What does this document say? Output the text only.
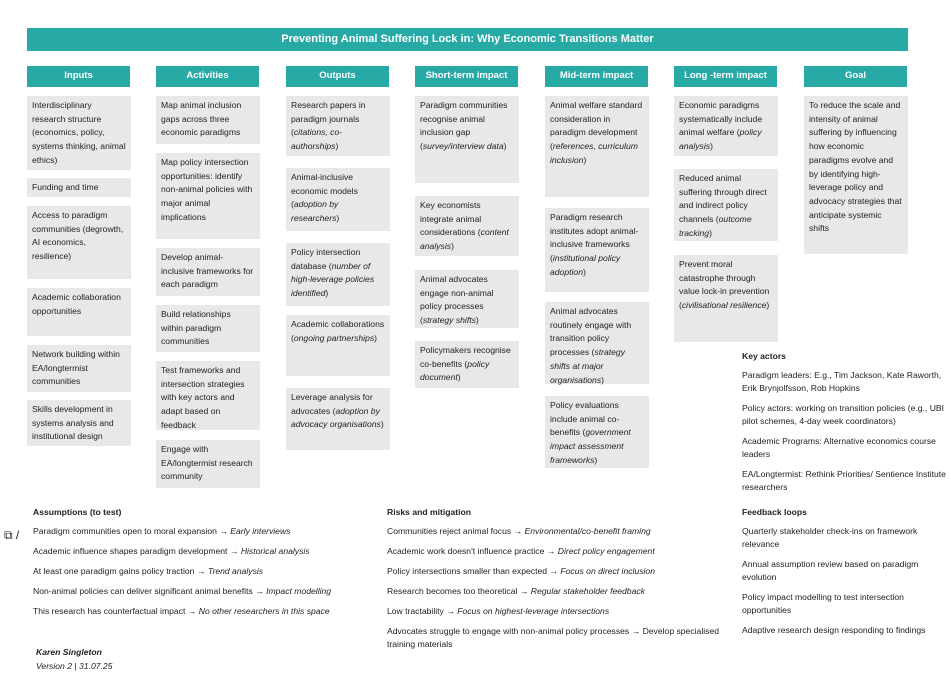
Preventing Animal Suffering Lock in: Why Economic Transitions Matter
Inputs
Interdisciplinary research structure (economics, policy, systems thinking, animal ethics)
Funding and time
Access to paradigm communities (degrowth, AI economics, resilience)
Academic collaboration opportunities
Network building within EA/longtermist communities
Skills development in systems analysis and institutional design
Activities
Map animal inclusion gaps across three economic paradigms
Map policy intersection opportunities: identify non-animal policies with major animal implications
Develop animal-inclusive frameworks for each paradigm
Build relationships within paradigm communities
Test frameworks and intersection strategies with key actors and adapt based on feedback
Engage with EA/longtermist research community
Outputs
Research papers in paradigm journals (citations, co-authorships)
Animal-inclusive economic models (adoption by researchers)
Policy intersection database (number of high-leverage policies identified)
Academic collaborations (ongoing partnerships)
Leverage analysis for advocates (adoption by advocacy organisations)
Short-term impact
Paradigm communities recognise animal inclusion gap (survey/interview data)
Key economists integrate animal considerations (content analysis)
Animal advocates engage non-animal policy processes (strategy shifts)
Policymakers recognise co-benefits (policy document)
Mid-term impact
Animal welfare standard consideration in paradigm development (references, curriculum inclusion)
Paradigm research institutes adopt animal-inclusive frameworks (institutional policy adoption)
Animal advocates routinely engage with transition policy processes (strategy shifts at major organisations)
Policy evaluations include animal co-benefits (government impact assessment frameworks)
Long -term impact
Economic paradigms systematically include animal welfare (policy analysis)
Reduced animal suffering through direct and indirect policy channels (outcome tracking)
Prevent moral catastrophe through value lock-in prevention (civilisational resilience)
Goal
To reduce the scale and intensity of animal suffering by influencing how economic paradigms evolve and by identifying high-leverage policy and advocacy strategies that anticipate systemic shifts
Key actors

Paradigm leaders: E.g., Tim Jackson, Kate Raworth, Erik Brynjolfsson, Rob Hopkins

Policy actors: working on transition policies (e.g., UBI pilot schemes, 4-day week coordinators)

Academic Programs: Alternative economics course leaders

EA/Longtermist: Rethink Priorities/ Sentience Institute researchers

Feedback loops

Quarterly stakeholder check-ins on framework relevance

Annual assumption review based on paradigm evolution

Policy impact modelling to test intersection opportunities

Adaptive research design responding to findings

Assumptions (to test)

Paradigm communities open to moral expansion → Early interviews

Academic influence shapes paradigm development → Historical analysis

At least one paradigm gains policy traction → Trend analysis

Non-animal policies can deliver significant animal benefits → Impact modelling

This research has counterfactual impact → No other researchers in this space

Risks and mitigation

Communities reject animal focus → Environmental/co-benefit framing

Academic work doesn't influence practice → Direct policy engagement

Policy intersections smaller than expected → Focus on direct inclusion

Research becomes too theoretical → Regular stakeholder feedback

Low tractability → Focus on highest-leverage intersections

Advocates struggle to engage with non-animal policy processes → Develop specialised training materials

⧉ /
Karen Singleton
Version 2 | 31.07.25
